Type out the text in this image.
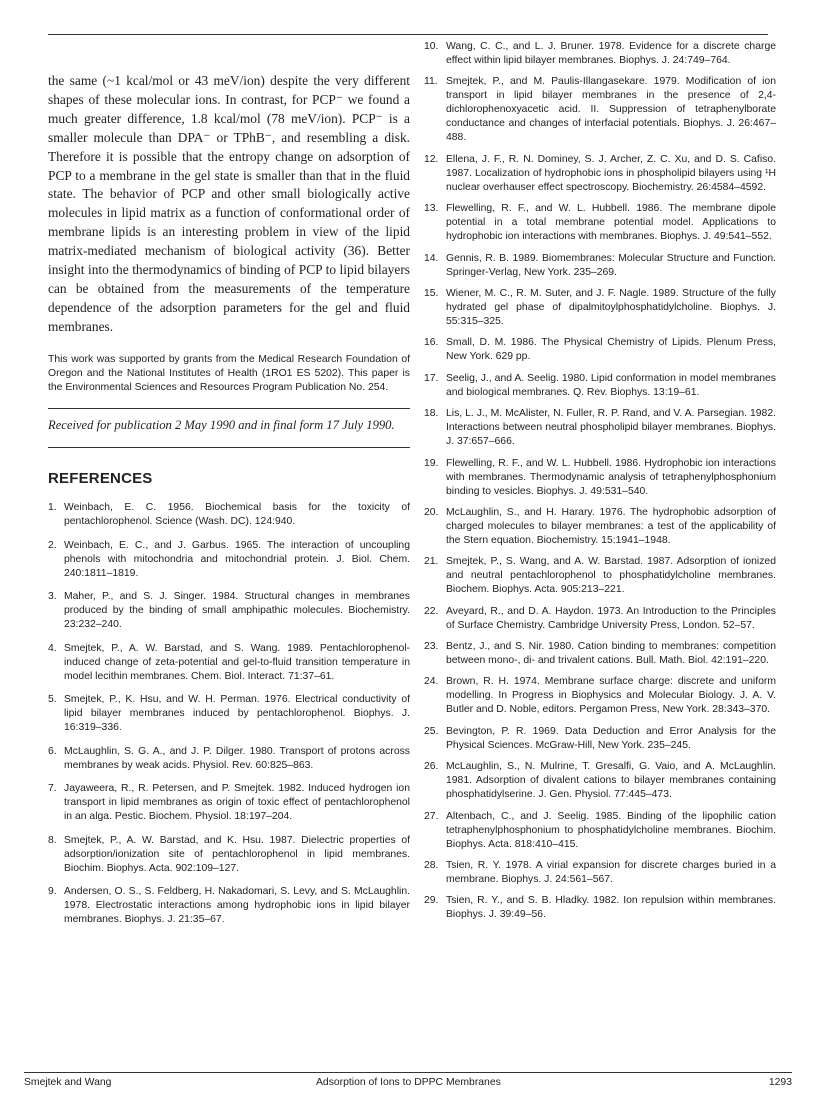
the same (~1 kcal/mol or 43 meV/ion) despite the very different shapes of these molecular ions. In contrast, for PCP⁻ we found a much greater difference, 1.8 kcal/mol (78 meV/ion). PCP⁻ is a smaller molecule than DPA⁻ or TPhB⁻, and resembling a disk. Therefore it is possible that the entropy change on adsorption of PCP to a membrane in the gel state is smaller than that in the fluid state. The behavior of PCP and other small biologically active molecules in lipid matrix as a function of conformational order of membrane lipids is an interesting problem in view of the lipid matrix-mediated mechanism of biological activity (36). Better insight into the thermodynamics of binding of PCP to lipid bilayers can be obtained from the measurements of the temperature dependence of the adsorption parameters for the gel and fluid membranes.

This work was supported by grants from the Medical Research Foundation of Oregon and the National Institutes of Health (1RO1 ES 5202). This paper is the Environmental Sciences and Resources Program Publication No. 254.

Received for publication 2 May 1990 and in final form 17 July 1990.

REFERENCES
1. Weinbach, E. C. 1956. Biochemical basis for the toxicity of pentachlorophenol. Science (Wash. DC). 124:940.
2. Weinbach, E. C., and J. Garbus. 1965. The interaction of uncoupling phenols with mitochondria and mitochondrial protein. J. Biol. Chem. 240:1811–1819.
3. Maher, P., and S. J. Singer. 1984. Structural changes in membranes produced by the binding of small amphipathic molecules. Biochemistry. 23:232–240.
4. Smejtek, P., A. W. Barstad, and S. Wang. 1989. Pentachlorophenol-induced change of zeta-potential and gel-to-fluid transition temperature in model lecithin membranes. Chem. Biol. Interact. 71:37–61.
5. Smejtek, P., K. Hsu, and W. H. Perman. 1976. Electrical conductivity of lipid bilayer membranes induced by pentachlorophenol. Biophys. J. 16:319–336.
6. McLaughlin, S. G. A., and J. P. Dilger. 1980. Transport of protons across membranes by weak acids. Physiol. Rev. 60:825–863.
7. Jayaweera, R., R. Petersen, and P. Smejtek. 1982. Induced hydrogen ion transport in lipid membranes as origin of toxic effect of pentachlorophenol in an alga. Pestic. Biochem. Physiol. 18:197–204.
8. Smejtek, P., A. W. Barstad, and K. Hsu. 1987. Dielectric properties of adsorption/ionization site of pentachlorophenol in lipid membranes. Biochim. Biophys. Acta. 902:109–127.
9. Andersen, O. S., S. Feldberg, H. Nakadomari, S. Levy, and S. McLaughlin. 1978. Electrostatic interactions among hydrophobic ions in lipid bilayer membranes. Biophys. J. 21:35–67.
10. Wang, C. C., and L. J. Bruner. 1978. Evidence for a discrete charge effect within lipid bilayer membranes. Biophys. J. 24:749–764.
11. Smejtek, P., and M. Paulis-Illangasekare. 1979. Modification of ion transport in lipid bilayer membranes in the presence of 2,4-dichlorophenoxyacetic acid. II. Suppression of tetraphenylborate conductance and changes of interfacial potentials. Biophys. J. 26:467–488.
12. Ellena, J. F., R. N. Dominey, S. J. Archer, Z. C. Xu, and D. S. Cafiso. 1987. Localization of hydrophobic ions in phospholipid bilayers using ¹H nuclear overhauser effect spectroscopy. Biochemistry. 26:4584–4592.
13. Flewelling, R. F., and W. L. Hubbell. 1986. The membrane dipole potential in a total membrane potential model. Applications to hydrophobic ion interactions with membranes. Biophys. J. 49:541–552.
14. Gennis, R. B. 1989. Biomembranes: Molecular Structure and Function. Springer-Verlag, New York. 235–269.
15. Wiener, M. C., R. M. Suter, and J. F. Nagle. 1989. Structure of the fully hydrated gel phase of dipalmitoylphosphatidylcholine. Biophys. J. 55:315–325.
16. Small, D. M. 1986. The Physical Chemistry of Lipids. Plenum Press, New York. 629 pp.
17. Seelig, J., and A. Seelig. 1980. Lipid conformation in model membranes and biological membranes. Q. Rev. Biophys. 13:19–61.
18. Lis, L. J., M. McAlister, N. Fuller, R. P. Rand, and V. A. Parsegian. 1982. Interactions between neutral phospholipid bilayer membranes. Biophys. J. 37:657–666.
19. Flewelling, R. F., and W. L. Hubbell. 1986. Hydrophobic ion interactions with membranes. Thermodynamic analysis of tetraphenylphosphonium binding to vesicles. Biophys. J. 49:531–540.
20. McLaughlin, S., and H. Harary. 1976. The hydrophobic adsorption of charged molecules to bilayer membranes: a test of the applicability of the Stern equation. Biochemistry. 15:1941–1948.
21. Smejtek, P., S. Wang, and A. W. Barstad. 1987. Adsorption of ionized and neutral pentachlorophenol to phosphatidylcholine membranes. Biochem. Biophys. Acta. 905:213–221.
22. Aveyard, R., and D. A. Haydon. 1973. An Introduction to the Principles of Surface Chemistry. Cambridge University Press, London. 52–57.
23. Bentz, J., and S. Nir. 1980. Cation binding to membranes: competition between mono-, di- and trivalent cations. Bull. Math. Biol. 42:191–220.
24. Brown, R. H. 1974. Membrane surface charge: discrete and uniform modelling. In Progress in Biophysics and Molecular Biology. J. A. V. Butler and D. Noble, editors. Pergamon Press, New York. 28:343–370.
25. Bevington, P. R. 1969. Data Deduction and Error Analysis for the Physical Sciences. McGraw-Hill, New York. 235–245.
26. McLaughlin, S., N. Mulrine, T. Gresalfi, G. Vaio, and A. McLaughlin. 1981. Adsorption of divalent cations to bilayer membranes containing phosphatidylserine. J. Gen. Physiol. 77:445–473.
27. Altenbach, C., and J. Seelig. 1985. Binding of the lipophilic cation tetraphenylphosphonium to phosphatidylcholine membranes. Biochim. Biophys. Acta. 818:410–415.
28. Tsien, R. Y. 1978. A virial expansion for discrete charges buried in a membrane. Biophys. J. 24:561–567.
29. Tsien, R. Y., and S. B. Hladky. 1982. Ion repulsion within membranes. Biophys. J. 39:49–56.
Smejtek and Wang	Adsorption of Ions to DPPC Membranes	1293
